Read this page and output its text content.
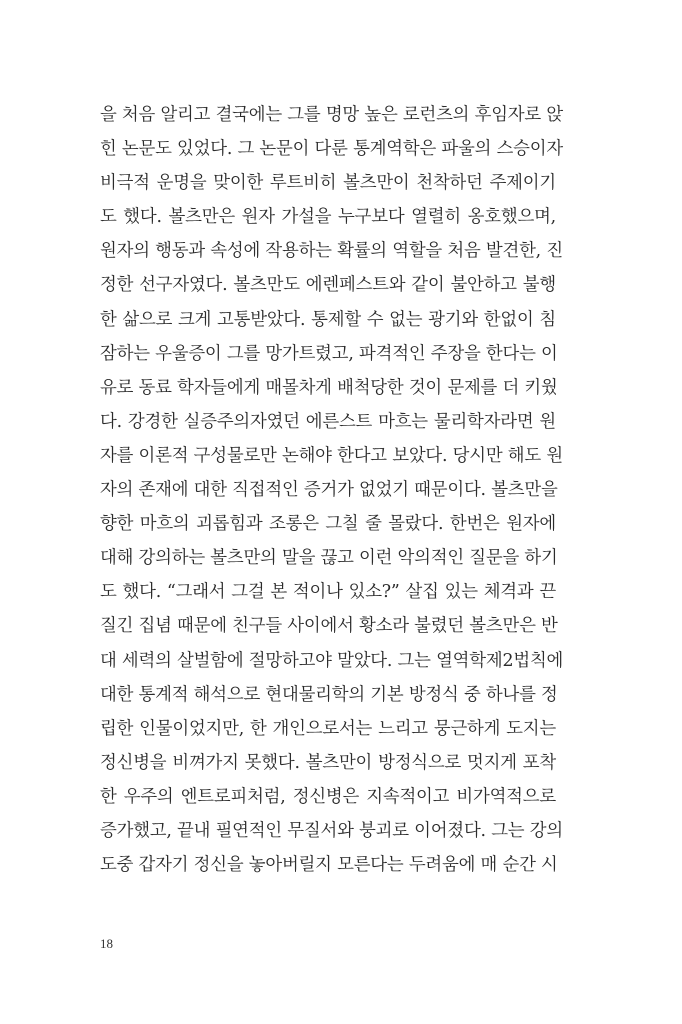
을 처음 알리고 결국에는 그를 명망 높은 로런츠의 후임자로 앉
힌 논문도 있었다. 그 논문이 다룬 통계역학은 파울의 스승이자
비극적 운명을 맞이한 루트비히 볼츠만이 천착하던 주제이기
도 했다. 볼츠만은 원자 가설을 누구보다 열렬히 옹호했으며,
원자의 행동과 속성에 작용하는 확률의 역할을 처음 발견한, 진
정한 선구자였다. 볼츠만도 에렌페스트와 같이 불안하고 불행
한 삶으로 크게 고통받았다. 통제할 수 없는 광기와 한없이 침
잠하는 우울증이 그를 망가트렸고, 파격적인 주장을 한다는 이
유로 동료 학자들에게 매몰차게 배척당한 것이 문제를 더 키웠
다. 강경한 실증주의자였던 에른스트 마흐는 물리학자라면 원
자를 이론적 구성물로만 논해야 한다고 보았다. 당시만 해도 원
자의 존재에 대한 직접적인 증거가 없었기 때문이다. 볼츠만을
향한 마흐의 괴롭힘과 조롱은 그칠 줄 몰랐다. 한번은 원자에
대해 강의하는 볼츠만의 말을 끊고 이런 악의적인 질문을 하기
도 했다. “그래서 그걸 본 적이나 있소?” 살집 있는 체격과 끈
질긴 집념 때문에 친구들 사이에서 황소라 불렸던 볼츠만은 반
대 세력의 살벌함에 절망하고야 말았다. 그는 열역학제2법칙에
대한 통계적 해석으로 현대물리학의 기본 방정식 중 하나를 정
립한 인물이었지만, 한 개인으로서는 느리고 뭉근하게 도지는
정신병을 비껴가지 못했다. 볼츠만이 방정식으로 멋지게 포착
한 우주의 엔트로피처럼, 정신병은 지속적이고 비가역적으로
증가했고, 끝내 필연적인 무질서와 붕괴로 이어졌다. 그는 강의
도중 갑자기 정신을 놓아버릴지 모른다는 두려움에 매 순간 시
18
